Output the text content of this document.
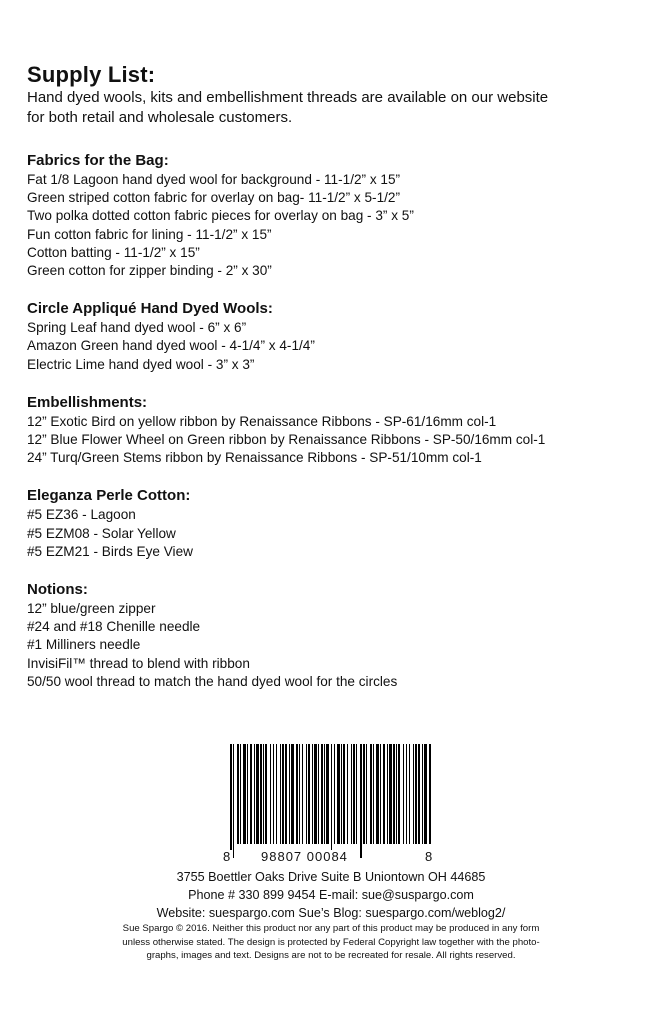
Supply List:
Hand dyed wools, kits and embellishment threads are available on our website
for both retail and wholesale customers.
Fabrics for the Bag:
Fat 1/8 Lagoon hand dyed wool for background - 11-1/2” x 15”
Green striped cotton fabric for overlay on bag- 11-1/2” x 5-1/2”
Two polka dotted cotton fabric pieces for overlay on bag - 3” x 5”
Fun cotton fabric for lining - 11-1/2” x 15”
Cotton batting - 11-1/2” x 15”
Green cotton for zipper binding - 2” x 30”
Circle Appliqué Hand Dyed Wools:
Spring Leaf hand dyed wool - 6” x 6”
Amazon Green hand dyed wool - 4-1/4” x 4-1/4”
Electric Lime hand dyed wool - 3” x 3”
Embellishments:
12” Exotic Bird on yellow ribbon by Renaissance Ribbons - SP-61/16mm col-1
12” Blue Flower Wheel on Green ribbon by Renaissance Ribbons - SP-50/16mm col-1
24” Turq/Green Stems ribbon by Renaissance Ribbons - SP-51/10mm col-1
Eleganza Perle Cotton:
#5 EZ36 - Lagoon
#5 EZM08 - Solar Yellow
#5 EZM21 - Birds Eye View
Notions:
12” blue/green zipper
#24 and #18 Chenille needle
#1 Milliners needle
InvisiFil™ thread to blend with ribbon
50/50 wool thread to match the hand dyed wool for the circles
8 98807 00084	8
3755 Boettler Oaks Drive Suite B Uniontown OH 44685
Phone # 330 899 9454 E-mail: sue@suspargo.com
Website: suespargo.com Sue’s Blog: suespargo.com/weblog2/
Sue Spargo © 2016. Neither this product nor any part of this product may be produced in any form
unless otherwise stated. The design is protected by Federal Copyright law together with the photo-
graphs, images and text. Designs are not to be recreated for resale. All rights reserved.
